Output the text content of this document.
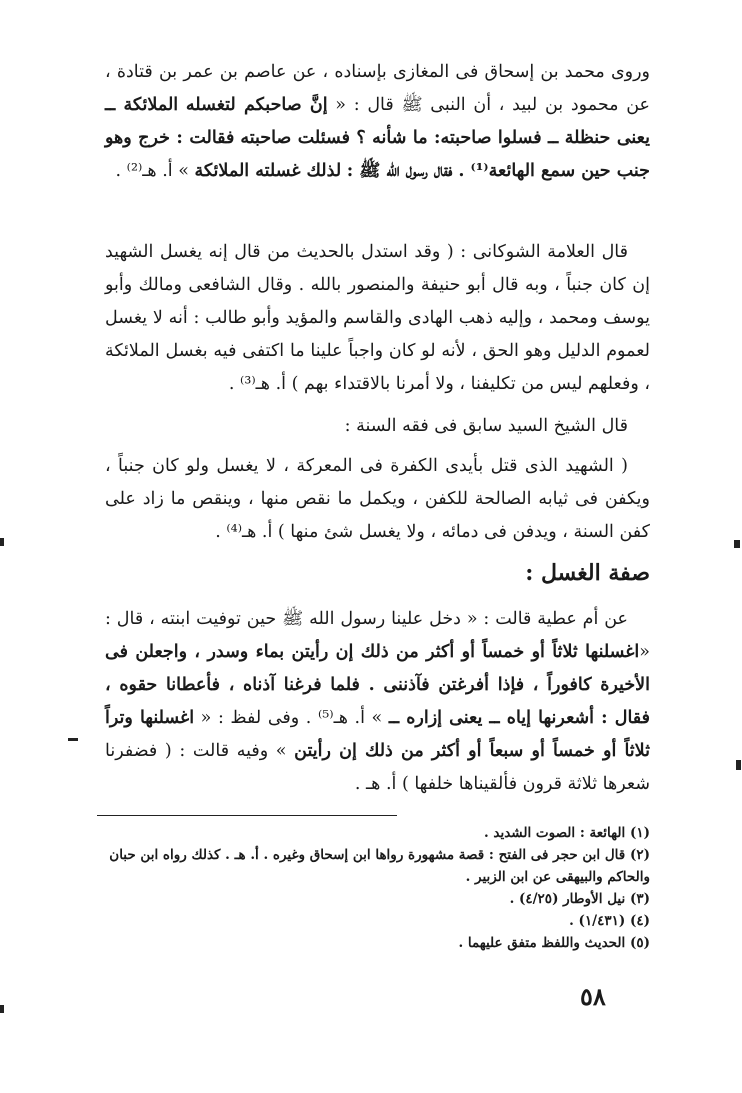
وروى محمد بن إسحاق فى المغازى بإسناده ، عن عاصم بن عمر بن قتادة ، عن محمود بن لبيد ، أن النبى ﷺ قال : « إنَّ صاحبكم لتغسله الملائكة ــ يعنى حنظلة ــ فسلوا صاحبته: ما شأنه ؟ فسئلت صاحبته فقالت : خرج وهو جنب حين سمع الهائعة⁽¹⁾ . فقال رسول الله ﷺ : لذلك غسلته الملائكة » أ. هـ⁽²⁾ .
قال العلامة الشوكانى : ( وقد استدل بالحديث من قال إنه يغسل الشهيد إن كان جنباً ، وبه قال أبو حنيفة والمنصور بالله . وقال الشافعى ومالك وأبو يوسف ومحمد ، وإليه ذهب الهادى والقاسم والمؤيد وأبو طالب : أنه لا يغسل لعموم الدليل وهو الحق ، لأنه لو كان واجباً علينا ما اكتفى فيه بغسل الملائكة ، وفعلهم ليس من تكليفنا ، ولا أمرنا بالاقتداء بهم ) أ. هـ⁽³⁾ .
قال الشيخ السيد سابق فى فقه السنة :
( الشهيد الذى قتل بأيدى الكفرة فى المعركة ، لا يغسل ولو كان جنباً ، ويكفن فى ثيابه الصالحة للكفن ، ويكمل ما نقص منها ، وينقص ما زاد على كفن السنة ، ويدفن فى دمائه ، ولا يغسل شئ منها ) أ. هـ⁽⁴⁾ .
صفة الغسل :
عن أم عطية قالت : « دخل علينا رسول الله ﷺ حين توفيت ابنته ، قال : «اغسلنها ثلاثاً أو خمساً أو أكثر من ذلك إن رأيتن بماء وسدر ، واجعلن فى الأخيرة كافوراً ، فإذا أفرغتن فآذننى . فلما فرغنا آذناه ، فأعطانا حقوه ، فقال : أشعرنها إياه ــ يعنى إزاره ــ » أ. هـ⁽⁵⁾ . وفى لفظ : « اغسلنها وتراً ثلاثاً أو خمساً أو سبعاً أو أكثر من ذلك إن رأيتن » وفيه قالت : ( فضفرنا شعرها ثلاثة قرون فألقيناها خلفها ) أ. هـ .
(١) الهائعة : الصوت الشديد .
(٢) قال ابن حجر فى الفتح : قصة مشهورة رواها ابن إسحاق وغيره . أ. هـ . كذلك رواه ابن حبان والحاكم والبيهقى عن ابن الزبير .
(٣) نيل الأوطار (٤/٢٥) .
(٤) (١/٤٣١) .
(٥) الحديث واللفظ متفق عليهما .
٥٨
